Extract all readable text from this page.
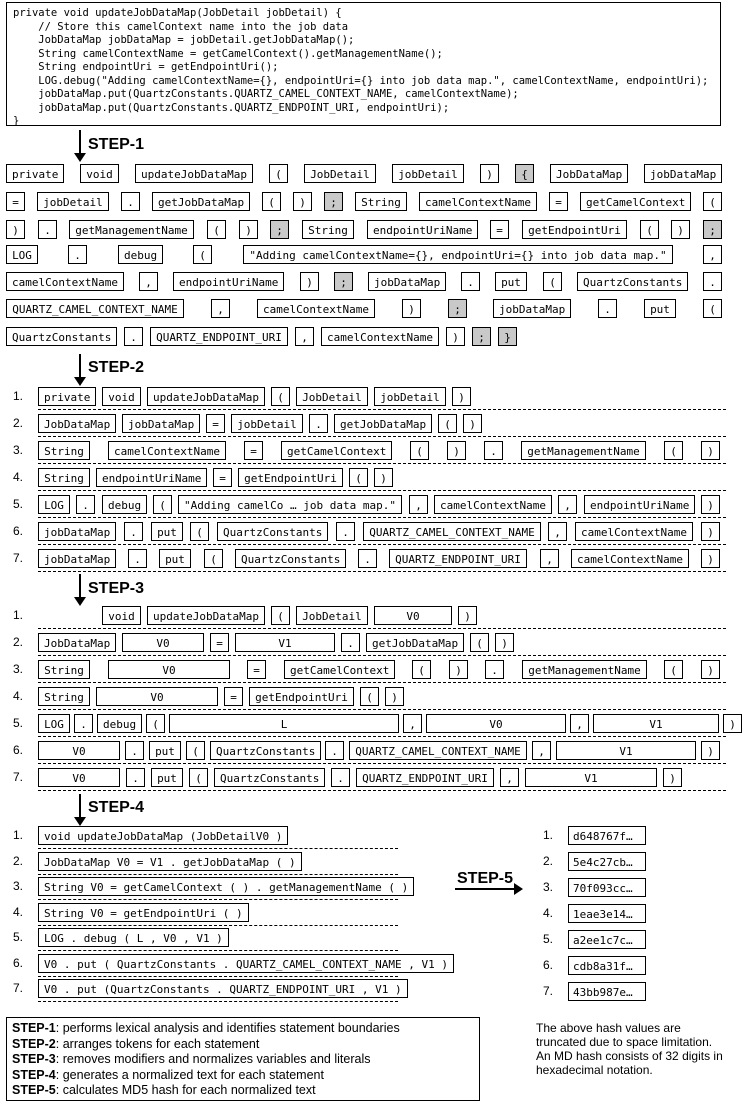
private void updateJobDataMap(JobDetail jobDetail) {
// Store this camelContext name into the job data
JobDataMap jobDataMap = jobDetail.getJobDataMap();
String camelContextName = getCamelContext().getManagementName();
String endpointUri = getEndpointUri();
LOG.debug("Adding camelContextName={}, endpointUri={} into job data map.", camelContextName, endpointUri);
jobDataMap.put(QuartzConstants.QUARTZ_CAMEL_CONTEXT_NAME, camelContextName);
jobDataMap.put(QuartzConstants.QUARTZ_ENDPOINT_URI, endpointUri);
}
STEP-1
private	void	updateJobDataMap	(	JobDetail	jobDetail	)	{	JobDataMap	jobDataMap
=	jobDetail	.	getJobDataMap	(	)	;	String	camelContextName	=	getCamelContext	(
)	.	getManagementName	(	)	;	String	endpointUriName	=	getEndpointUri	(	)	;
LOG	.	debug	(	"Adding camelContextName={}, endpointUri={} into job data map."	,
camelContextName	,	endpointUriName	)	;	jobDataMap	.	put	(	QuartzConstants	.
QUARTZ_CAMEL_CONTEXT_NAME	,	camelContextName	)	;	jobDataMap	.	put	(
QuartzConstants	.	QUARTZ_ENDPOINT_URI	,	camelContextName	)	;	}
STEP-2
1.	private	void	updateJobDataMap	(	JobDetail	jobDetail	)
2.	JobDataMap	jobDataMap	=	jobDetail	.	getJobDataMap	(	)
3.	String	camelContextName	=	getCamelContext	(	)	.	getManagementName	(	)
4.	String	endpointUriName	=	getEndpointUri	(	)
5.	LOG	.	debug	(	"Adding camelCo … job data map."	,	camelContextName	,	endpointUriName	)
6.	jobDataMap	.	put	(	QuartzConstants	.	QUARTZ_CAMEL_CONTEXT_NAME	,	camelContextName	)
7.	jobDataMap	.	put	(	QuartzConstants	.	QUARTZ_ENDPOINT_URI	,	camelContextName	)
STEP-3
1.	void	updateJobDataMap	(	JobDetail	V0	)
2.	JobDataMap	V0	=	V1	.	getJobDataMap	(	)
3.	String	V0	=	getCamelContext	(	)	.	getManagementName	(	)
4.	String	V0	=	getEndpointUri	(	)
5.	LOG	.	debug	(	L	,	V0	,	V1	)
6.	V0	.	put	(	QuartzConstants	.	QUARTZ_CAMEL_CONTEXT_NAME	,	V1	)
7.	V0	.	put	(	QuartzConstants	.	QUARTZ_ENDPOINT_URI	,	V1	)
STEP-4
1.	void updateJobDataMap (JobDetailV0 )
2.	JobDataMap V0 = V1 . getJobDataMap ( )
3.	String V0 = getCamelContext ( ) . getManagementName ( )
4.	String V0 = getEndpointUri ( )
5.	LOG . debug ( L , V0 , V1 )
6.	V0 . put ( QuartzConstants . QUARTZ_CAMEL_CONTEXT_NAME , V1 )
7.	V0 . put (QuartzConstants . QUARTZ_ENDPOINT_URI , V1 )
STEP-5
1.	d648767f…
2.	5e4c27cb…
3.	70f093cc…
4.	1eae3e14…
5.	a2ee1c7c…
6.	cdb8a31f…
7.	43bb987e…
STEP-1: performs lexical analysis and identifies statement boundaries
STEP-2: arranges tokens for each statement
STEP-3: removes modifiers and normalizes variables and literals
STEP-4: generates a normalized text for each statement
STEP-5: calculates MD5 hash for each normalized text
The above hash values are truncated due to space limitation. An MD hash consists of 32 digits in hexadecimal notation.
